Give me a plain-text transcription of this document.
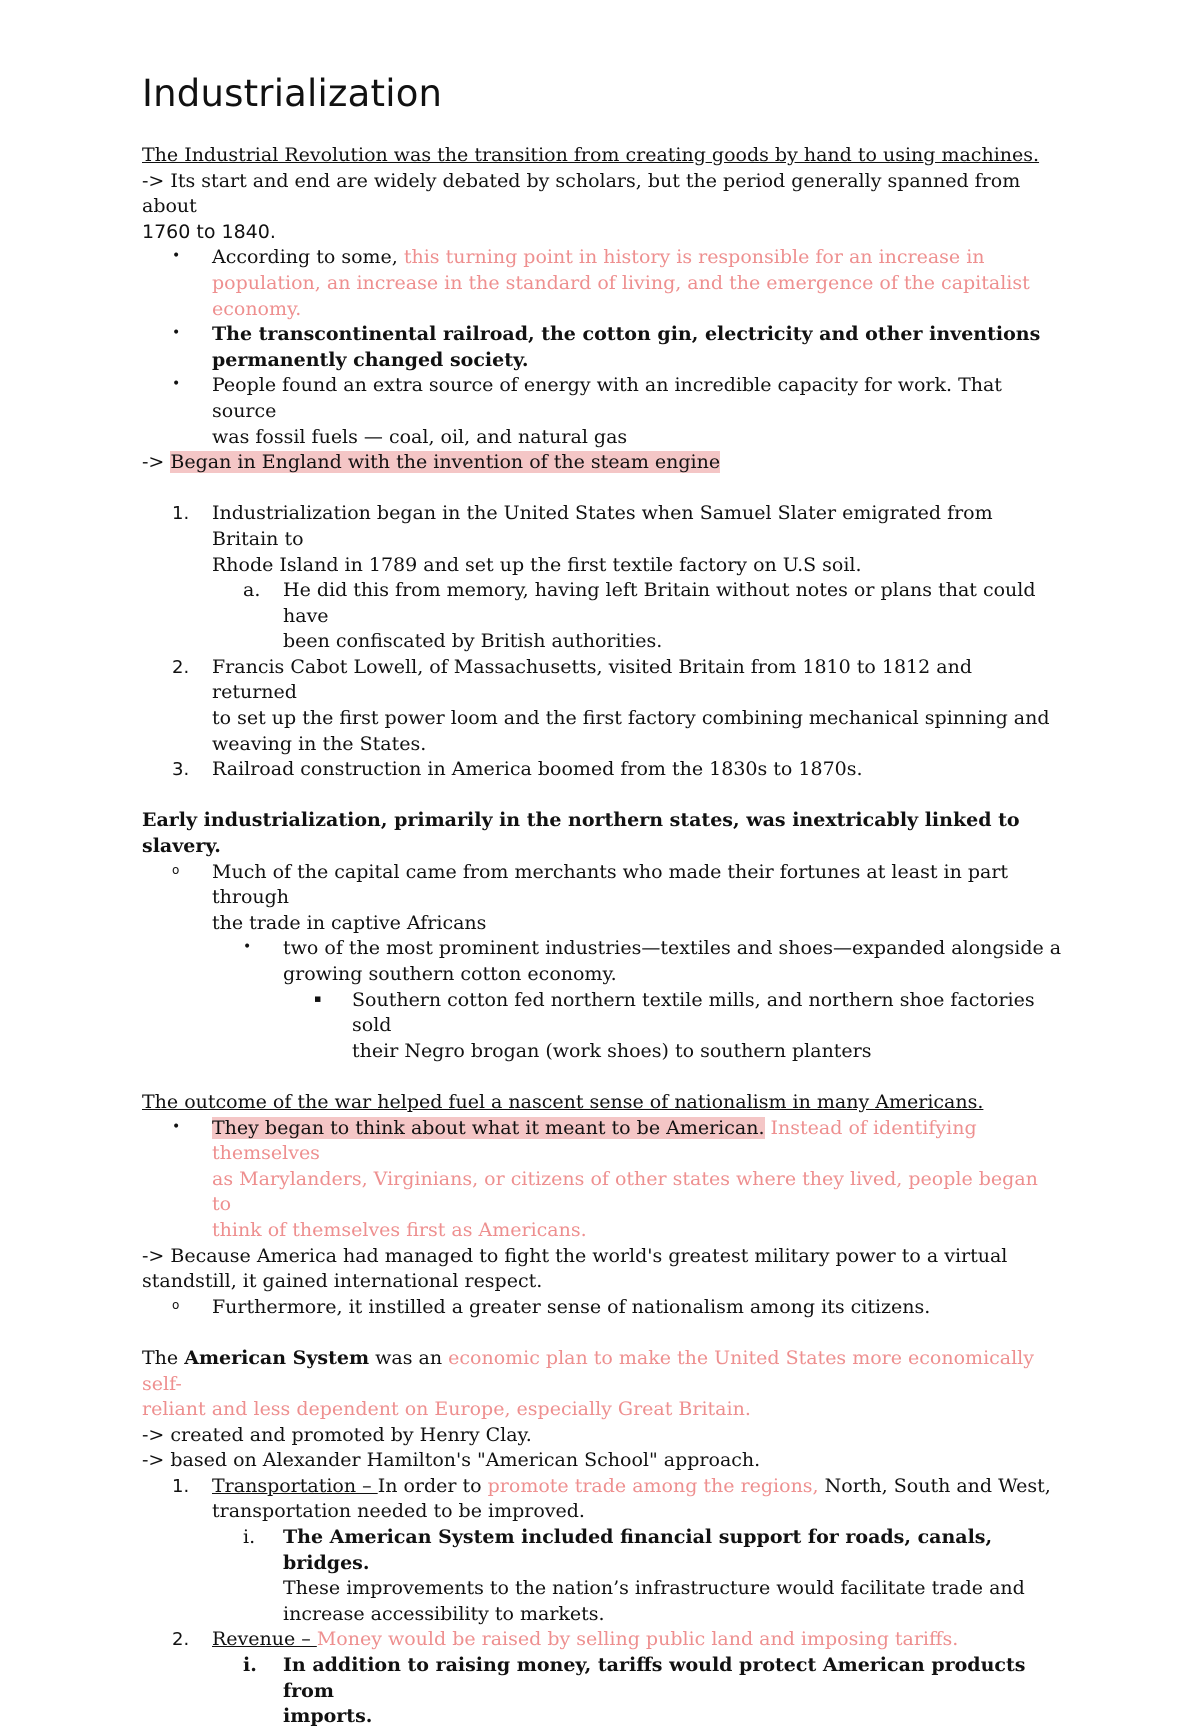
Industrialization
The Industrial Revolution was the transition from creating goods by hand to using machines.
-> Its start and end are widely debated by scholars, but the period generally spanned from about
1760 to 1840.
•	According to some, this turning point in history is responsible for an increase in
population, an increase in the standard of living, and the emergence of the capitalist
economy.
•	The transcontinental railroad, the cotton gin, electricity and other inventions
permanently changed society.
•	People found an extra source of energy with an incredible capacity for work. That source
was fossil fuels — coal, oil, and natural gas
-> Began in England with the invention of the steam engine
1.	Industrialization began in the United States when Samuel Slater emigrated from Britain to
Rhode Island in 1789 and set up the first textile factory on U.S soil.
a.	He did this from memory, having left Britain without notes or plans that could have
been confiscated by British authorities.
2.	Francis Cabot Lowell, of Massachusetts, visited Britain from 1810 to 1812 and returned
to set up the first power loom and the first factory combining mechanical spinning and
weaving in the States.
3.	Railroad construction in America boomed from the 1830s to 1870s.
Early industrialization, primarily in the northern states, was inextricably linked to slavery.
o	Much of the capital came from merchants who made their fortunes at least in part through
the trade in captive Africans
•	two of the most prominent industries—textiles and shoes—expanded alongside a
growing southern cotton economy.
▪	Southern cotton fed northern textile mills, and northern shoe factories sold
their Negro brogan (work shoes) to southern planters
The outcome of the war helped fuel a nascent sense of nationalism in many Americans.
•	They began to think about what it meant to be American. Instead of identifying themselves
as Marylanders, Virginians, or citizens of other states where they lived, people began to
think of themselves first as Americans.
-> Because America had managed to fight the world's greatest military power to a virtual
standstill, it gained international respect.
o	Furthermore, it instilled a greater sense of nationalism among its citizens.
The American System was an economic plan to make the United States more economically self-
reliant and less dependent on Europe, especially Great Britain.
-> created and promoted by Henry Clay.
-> based on Alexander Hamilton's "American School" approach.
1.	Transportation – In order to promote trade among the regions, North, South and West,
transportation needed to be improved.
i.	The American System included financial support for roads, canals, bridges.
These improvements to the nation’s infrastructure would facilitate trade and
increase accessibility to markets.
2.	Revenue – Money would be raised by selling public land and imposing tariffs.
i.	In addition to raising money, tariffs would protect American products from
imports.
